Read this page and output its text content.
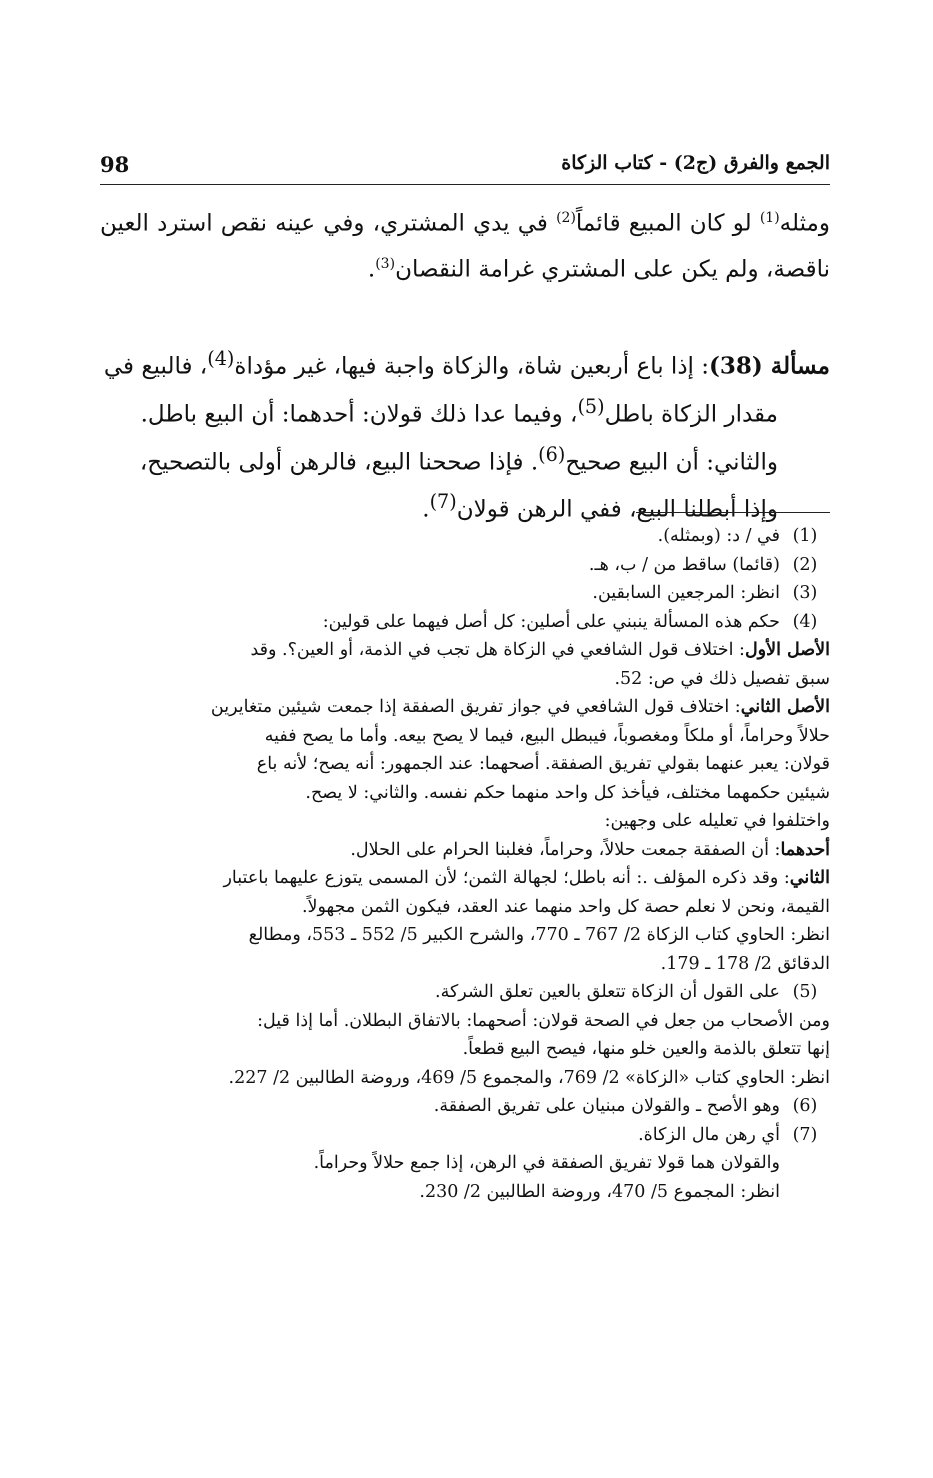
98	الجمع والفرق (ج2) - كتاب الزكاة

ومثله$^{(1)}$ لو كان المبيع قائماً$^{(2)}$ في يدي المشتري، وفي عينه نقص استرد العين ناقصة، ولم يكن على المشتري غرامة النقصان$^{(3)}$.

مسألة (38): إذا باع أربعين شاة، والزكاة واجبة فيها، غير مؤداة$^{(4)}$، فالبيع في

مقدار الزكاة باطل$^{(5)}$، وفيما عدا ذلك قولان: أحدهما: أن البيع باطل.

والثاني: أن البيع صحيح$^{(6)}$. فإذا صححنا البيع، فالرهن أولى بالتصحيح،

وإذا أبطلنا البيع، ففي الرهن قولان$^{(7)}$.

(1)
في / د: (وبمثله).

(2)
(قائما) ساقط من / ب، هـ.

(3)
انظر: المرجعين السابقين.

(4)
حكم هذه المسألة ينبني على أصلين: كل أصل فيهما على قولين:

الأصل الأول: اختلاف قول الشافعي في الزكاة هل تجب في الذمة، أو العين؟. وقد

سبق تفصيل ذلك في ص: 52.

الأصل الثاني: اختلاف قول الشافعي في جواز تفريق الصفقة إذا جمعت شيئين متغايرين

حلالاً وحراماً، أو ملكاً ومغصوباً، فيبطل البيع، فيما لا يصح بيعه. وأما ما يصح ففيه

قولان: يعبر عنهما بقولي تفريق الصفقة. أصحهما: عند الجمهور: أنه يصح؛ لأنه باع

شيئين حكمهما مختلف، فيأخذ كل واحد منهما حكم نفسه. والثاني: لا يصح.

واختلفوا في تعليله على وجهين:

أحدهما: أن الصفقة جمعت حلالاً، وحراماً، فغلبنا الحرام على الحلال.

الثاني: وقد ذكره المؤلف .: أنه باطل؛ لجهالة الثمن؛ لأن المسمى يتوزع عليهما باعتبار

القيمة، ونحن لا نعلم حصة كل واحد منهما عند العقد، فيكون الثمن مجهولاً.

انظر: الحاوي كتاب الزكاة 2/ 767 ـ 770، والشرح الكبير 5/ 552 ـ 553، ومطالع

الدقائق 2/ 178 ـ 179.

(5)
على القول أن الزكاة تتعلق بالعين تعلق الشركة.

ومن الأصحاب من جعل في الصحة قولان: أصحهما: بالاتفاق البطلان. أما إذا قيل:

إنها تتعلق بالذمة والعين خلو منها، فيصح البيع قطعاً.

انظر: الحاوي كتاب «الزكاة» 2/ 769، والمجموع 5/ 469، وروضة الطالبين 2/ 227.

(6)
وهو الأصح ـ والقولان مبنيان على تفريق الصفقة.

(7)
أي رهن مال الزكاة.

والقولان هما قولا تفريق الصفقة في الرهن، إذا جمع حلالاً وحراماً.

انظر: المجموع 5/ 470، وروضة الطالبين 2/ 230.
